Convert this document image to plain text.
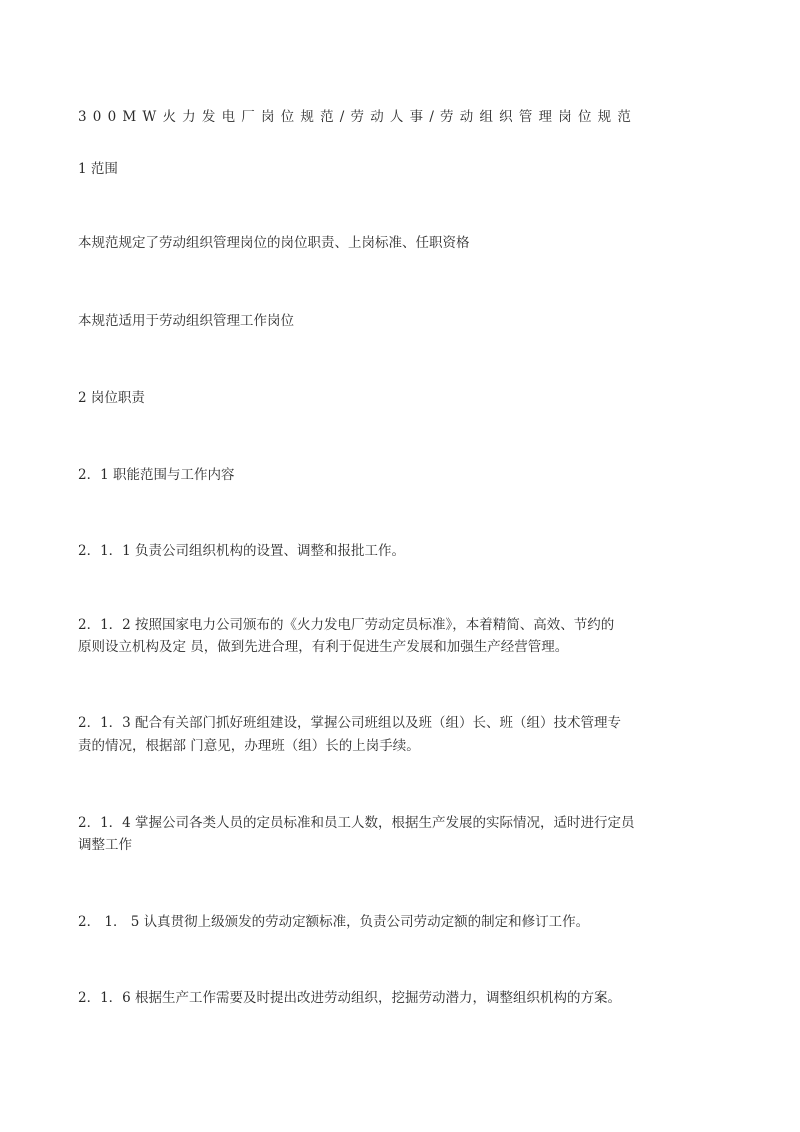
300MW火力发电厂岗位规范/劳动人事/劳动组织管理岗位规范
1 范围
本规范规定了劳动组织管理岗位的岗位职责、上岗标准、任职资格
本规范适用于劳动组织管理工作岗位
2 岗位职责
2．1 职能范围与工作内容
2．1．1 负责公司组织机构的设置、调整和报批工作。
2．1．2 按照国家电力公司颁布的《火力发电厂劳动定员标准》，本着精简、高效、节约的
原则设立机构及定 员，做到先进合理，有利于促进生产发展和加强生产经营管理。
2．1．3 配合有关部门抓好班组建设，掌握公司班组以及班（组）长、班（组）技术管理专
责的情况，根据部 门意见，办理班（组）长的上岗手续。
2．1．4 掌握公司各类人员的定员标准和员工人数，根据生产发展的实际情况，适时进行定员
调整工作
2． 1． 5 认真贯彻上级颁发的劳动定额标准，负责公司劳动定额的制定和修订工作。
2．1．6 根据生产工作需要及时提出改进劳动组织，挖掘劳动潜力，调整组织机构的方案。
